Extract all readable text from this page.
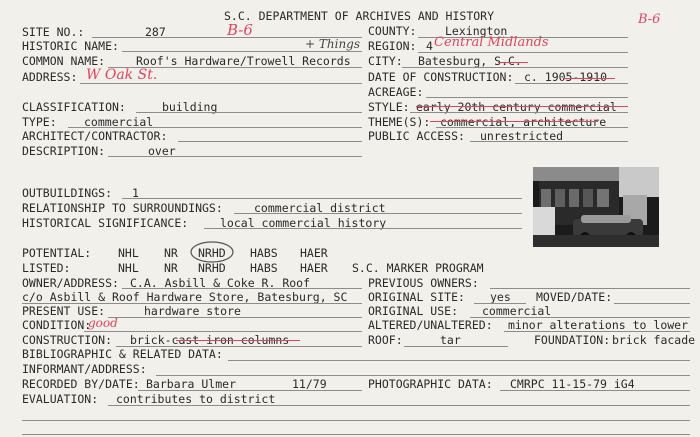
S.C. DEPARTMENT OF ARCHIVES AND HISTORY	B-6
SITE NO.:	287	B-6
HISTORIC NAME:	+ Things
COMMON NAME:	Roof's Hardware/Trowell Records
ADDRESS: W Oak St.
COUNTY: Lexington
REGION: 4 Central Midlands
CITY: Batesburg, S.C.
DATE OF CONSTRUCTION: c. 1905-1910
ACREAGE:
CLASSIFICATION:	building
TYPE: commercial
ARCHITECT/CONTRACTOR:
DESCRIPTION:	over
STYLE: early 20th century commercial
THEME(S): commercial, architecture
PUBLIC ACCESS: unrestricted
OUTBUILDINGS: 1
RELATIONSHIP TO SURROUNDINGS:	commercial district
HISTORICAL SIGNIFICANCE:	local commercial history
POTENTIAL: NHL NR NRHD HABS HAER
LISTED:	NHL NR NRHD HABS HAER S.C. MARKER PROGRAM
OWNER/ADDRESS: C.A. Asbill & Coke R. Roof	PREVIOUS OWNERS:
c/o Asbill & Roof Hardware Store, Batesburg, SC ORIGINAL SITE: yes MOVED/DATE:
PRESENT USE:	hardware store	ORIGINAL USE: commercial
CONDITION:
good	ALTERED/UNALTERED: minor alterations to lower
CONSTRUCTION: brick-cast iron columns	ROOF:	tar	FOUNDATION: brick facade
BIBLIOGRAPHIC & RELATED DATA:
INFORMANT/ADDRESS:
RECORDED BY/DATE: Barbara Ulmer	11/79	PHOTOGRAPHIC DATA: CMRPC 11-15-79 iG4
EVALUATION: contributes to district
